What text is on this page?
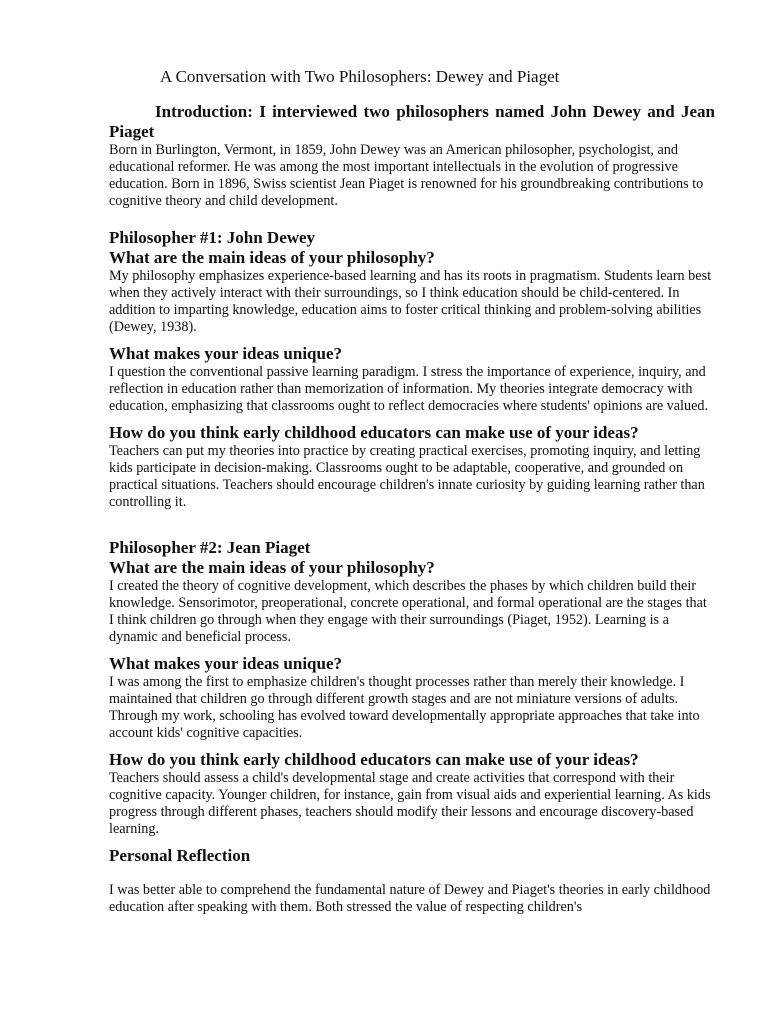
A Conversation with Two Philosophers: Dewey and Piaget
Introduction: I interviewed two philosophers named John Dewey and Jean Piaget
Born in Burlington, Vermont, in 1859, John Dewey was an American philosopher, psychologist, and educational reformer. He was among the most important intellectuals in the evolution of progressive education. Born in 1896, Swiss scientist Jean Piaget is renowned for his groundbreaking contributions to cognitive theory and child development.
Philosopher #1: John Dewey
What are the main ideas of your philosophy?
My philosophy emphasizes experience-based learning and has its roots in pragmatism. Students learn best when they actively interact with their surroundings, so I think education should be child-centered. In addition to imparting knowledge, education aims to foster critical thinking and problem-solving abilities (Dewey, 1938).
What makes your ideas unique?
I question the conventional passive learning paradigm. I stress the importance of experience, inquiry, and reflection in education rather than memorization of information. My theories integrate democracy with education, emphasizing that classrooms ought to reflect democracies where students' opinions are valued.
How do you think early childhood educators can make use of your ideas?
Teachers can put my theories into practice by creating practical exercises, promoting inquiry, and letting kids participate in decision-making. Classrooms ought to be adaptable, cooperative, and grounded on practical situations. Teachers should encourage children's innate curiosity by guiding learning rather than controlling it.
Philosopher #2: Jean Piaget
What are the main ideas of your philosophy?
I created the theory of cognitive development, which describes the phases by which children build their knowledge. Sensorimotor, preoperational, concrete operational, and formal operational are the stages that I think children go through when they engage with their surroundings (Piaget, 1952). Learning is a dynamic and beneficial process.
What makes your ideas unique?
I was among the first to emphasize children's thought processes rather than merely their knowledge. I maintained that children go through different growth stages and are not miniature versions of adults. Through my work, schooling has evolved toward developmentally appropriate approaches that take into account kids' cognitive capacities.
How do you think early childhood educators can make use of your ideas?
Teachers should assess a child's developmental stage and create activities that correspond with their cognitive capacity. Younger children, for instance, gain from visual aids and experiential learning. As kids progress through different phases, teachers should modify their lessons and encourage discovery-based learning.
Personal Reflection
I was better able to comprehend the fundamental nature of Dewey and Piaget's theories in early childhood education after speaking with them. Both stressed the value of respecting children's
